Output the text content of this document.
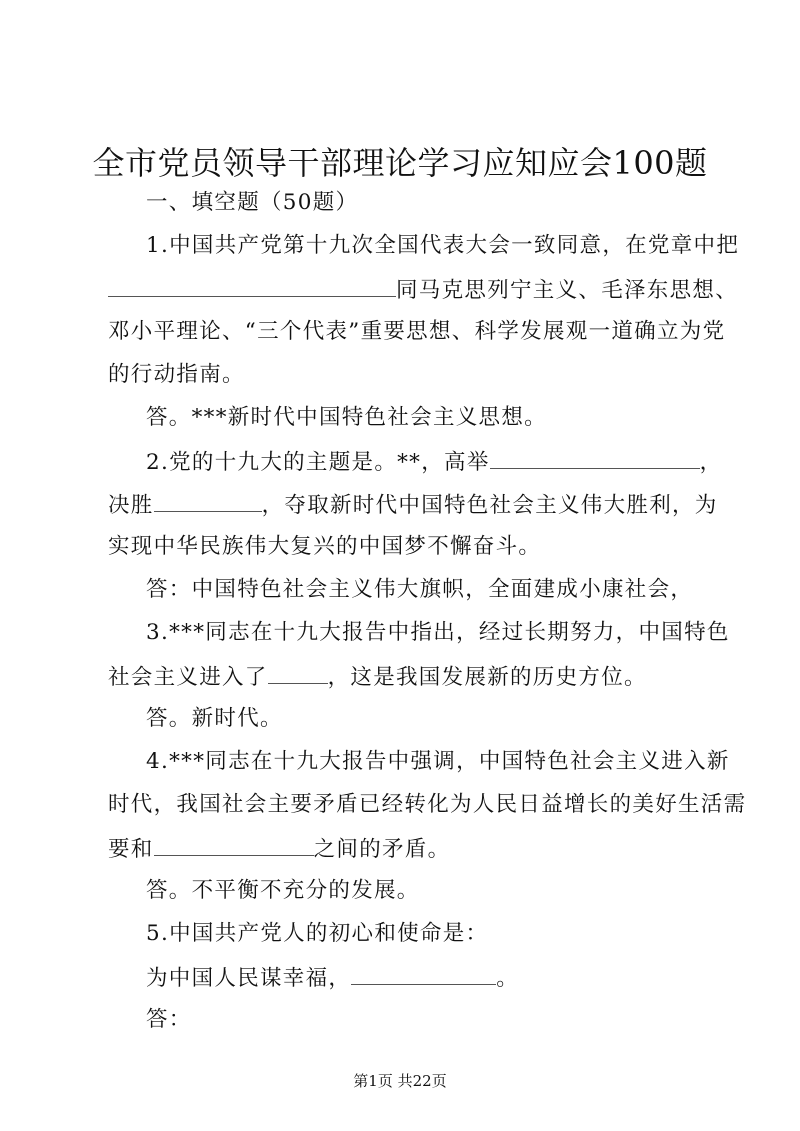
全市党员领导干部理论学习应知应会100题
一、填空题（50题）
1.中国共产党第十九次全国代表大会一致同意，在党章中把
同马克思列宁主义、毛泽东思想、
邓小平理论、“三个代表”重要思想、科学发展观一道确立为党
的行动指南。
答。***新时代中国特色社会主义思想。
2.党的十九大的主题是。**，高举	，
决胜	，夺取新时代中国特色社会主义伟大胜利，为
实现中华民族伟大复兴的中国梦不懈奋斗。
答：中国特色社会主义伟大旗帜，全面建成小康社会，
3.***同志在十九大报告中指出，经过长期努力，中国特色
社会主义进入了	，这是我国发展新的历史方位。
答。新时代。
4.***同志在十九大报告中强调，中国特色社会主义进入新
时代，我国社会主要矛盾已经转化为人民日益增长的美好生活需
要和	之间的矛盾。
答。不平衡不充分的发展。
5.中国共产党人的初心和使命是：
为中国人民谋幸福，	。
答：
第1页 共22页
